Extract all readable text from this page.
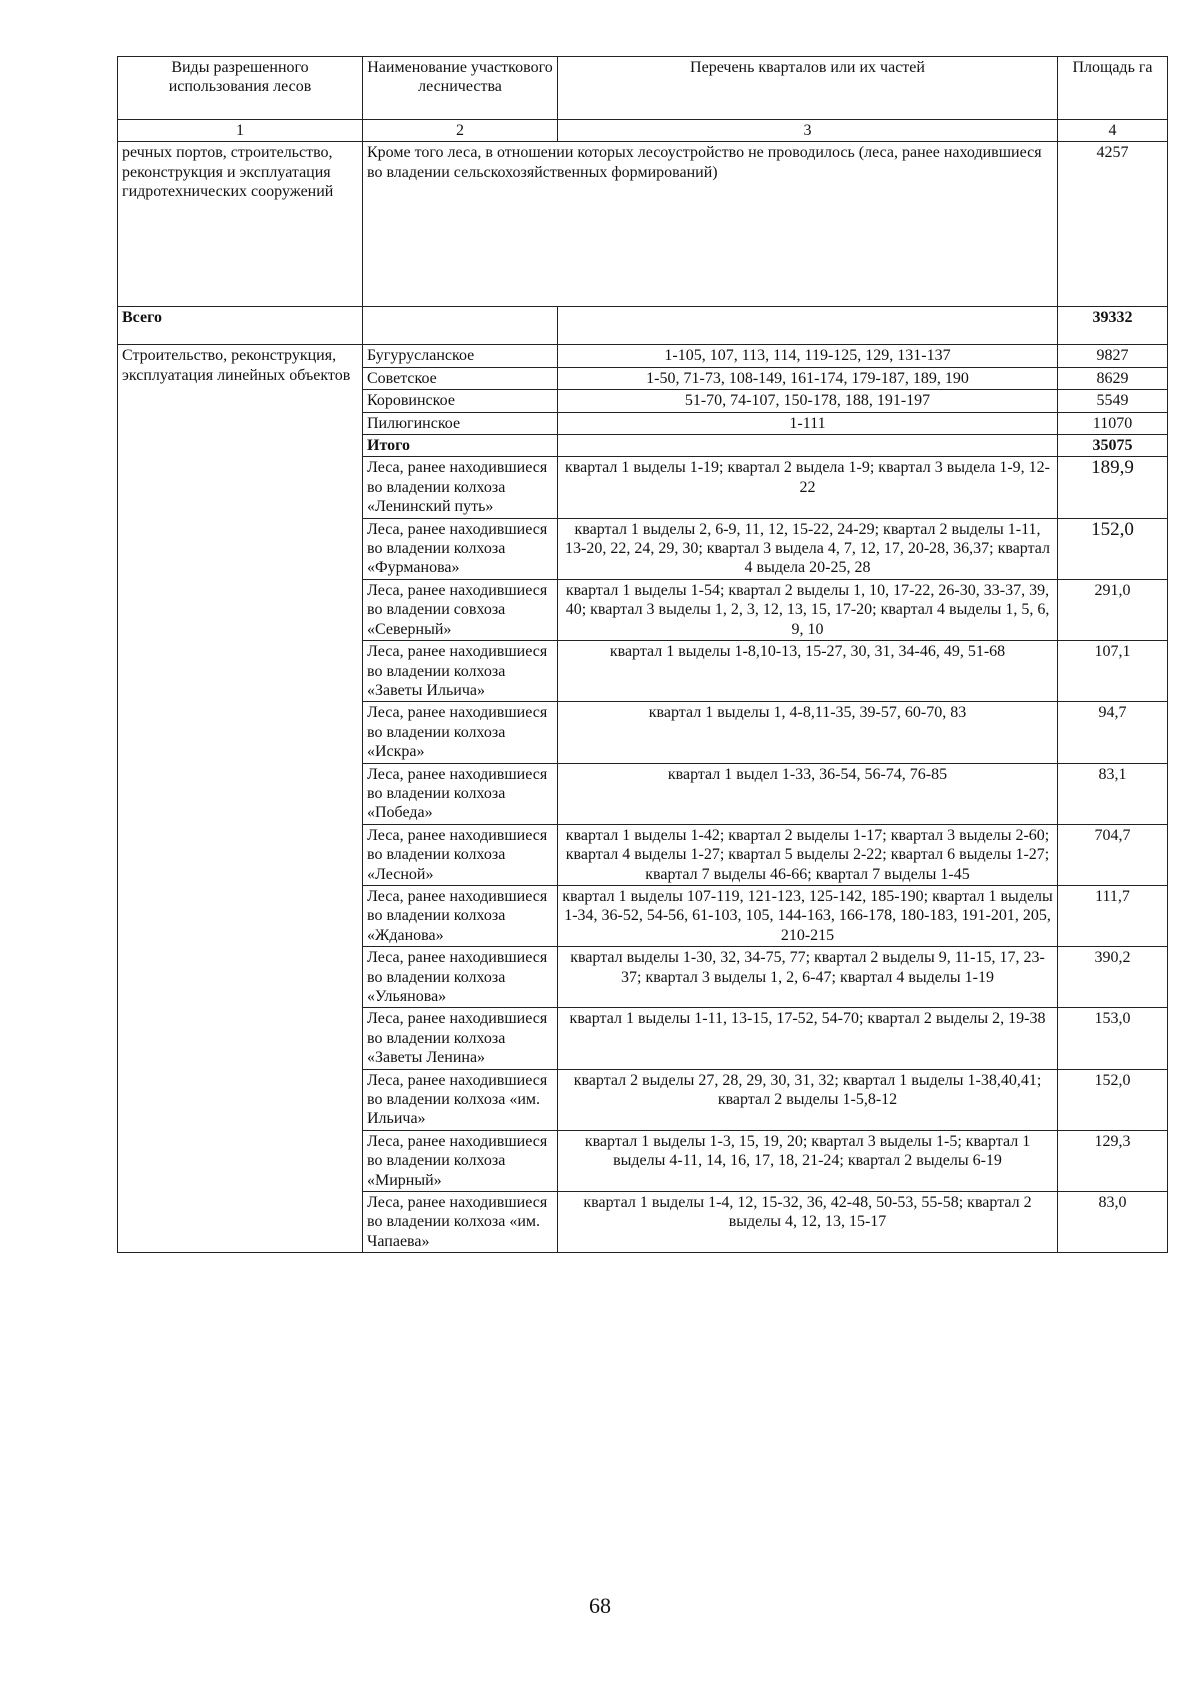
Виды разрешенного использования лесов	Наименование участкового лесничества	Перечень кварталов или их частей	Площадь га
1	2	3	4
речных портов, строительство, реконструкция и эксплуатация гидротехнических сооружений	Кроме того леса, в отношении которых лесоустройство не проводилось (леса, ранее находившиеся во владении сельскохозяйственных формирований)		4257
Всего			39332
Строительство, реконструкция, эксплуатация линейных объектов	Бугурусланское	1-105, 107, 113, 114, 119-125, 129, 131-137	9827
	Советское	1-50, 71-73, 108-149, 161-174, 179-187, 189, 190	8629
	Коровинское	51-70, 74-107, 150-178, 188, 191-197	5549
	Пилюгинское	1-111	11070
	Итого		35075
	Леса, ранее находившиеся во владении колхоза «Ленинский путь»	квартал 1 выделы 1-19; квартал 2 выдела 1-9; квартал 3 выдела 1-9, 12-22	189,9
	Леса, ранее находившиеся во владении колхоза «Фурманова»	квартал 1 выделы 2, 6-9, 11, 12, 15-22, 24-29; квартал 2 выделы 1-11, 13-20, 22, 24, 29, 30; квартал 3 выдела 4, 7, 12, 17, 20-28, 36,37; квартал 4 выдела 20-25, 28	152,0
	Леса, ранее находившиеся во владении совхоза «Северный»	квартал 1 выделы 1-54; квартал 2 выделы 1, 10, 17-22, 26-30, 33-37, 39, 40; квартал 3 выделы 1, 2, 3, 12, 13, 15, 17-20; квартал 4 выделы 1, 5, 6, 9, 10	291,0
	Леса, ранее находившиеся во владении колхоза «Заветы Ильича»	квартал 1 выделы 1-8,10-13, 15-27, 30, 31, 34-46, 49, 51-68	107,1
	Леса, ранее находившиеся во владении колхоза «Искра»	квартал 1 выделы 1, 4-8,11-35, 39-57, 60-70, 83	94,7
	Леса, ранее находившиеся во владении колхоза «Победа»	квартал 1 выдел 1-33, 36-54, 56-74, 76-85	83,1
	Леса, ранее находившиеся во владении колхоза «Лесной»	квартал 1 выделы 1-42; квартал 2 выделы 1-17; квартал 3 выделы 2-60; квартал 4 выделы 1-27; квартал 5 выделы 2-22; квартал 6 выделы 1-27; квартал 7 выделы 46-66; квартал 7 выделы 1-45	704,7
	Леса, ранее находившиеся во владении колхоза «Жданова»	квартал 1 выделы 107-119, 121-123, 125-142, 185-190; квартал 1 выделы 1-34, 36-52, 54-56, 61-103, 105, 144-163, 166-178, 180-183, 191-201, 205, 210-215	111,7
	Леса, ранее находившиеся во владении колхоза «Ульянова»	квартал выделы 1-30, 32, 34-75, 77; квартал 2 выделы 9, 11-15, 17, 23-37; квартал 3 выделы 1, 2, 6-47; квартал 4 выделы 1-19	390,2
	Леса, ранее находившиеся во владении колхоза «Заветы Ленина»	квартал 1 выделы 1-11, 13-15, 17-52, 54-70; квартал 2 выделы 2, 19-38	153,0
	Леса, ранее находившиеся во владении колхоза «им. Ильича»	квартал 2 выделы 27, 28, 29, 30, 31, 32; квартал 1 выделы 1-38,40,41; квартал 2 выделы 1-5,8-12	152,0
	Леса, ранее находившиеся во владении колхоза «Мирный»	квартал 1 выделы 1-3, 15, 19, 20; квартал 3 выделы 1-5; квартал 1 выделы 4-11, 14, 16, 17, 18, 21-24; квартал 2 выделы 6-19	129,3
	Леса, ранее находившиеся во владении колхоза «им. Чапаева»	квартал 1 выделы 1-4, 12, 15-32, 36, 42-48, 50-53, 55-58; квартал 2 выделы 4, 12, 13, 15-17	83,0
68
